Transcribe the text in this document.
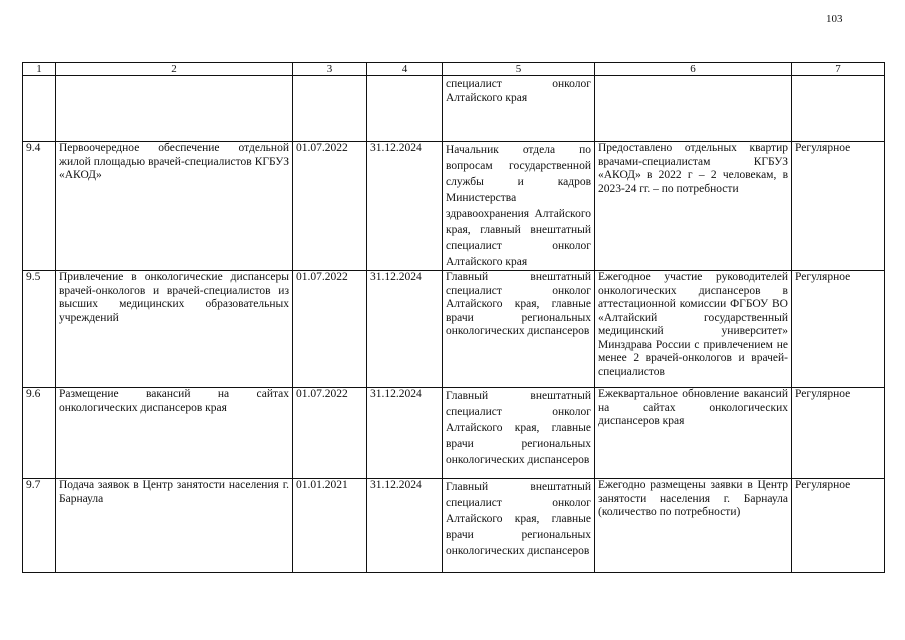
103
1	2	3	4	5	6	7
				специалист онколог Алтайского края		
9.4	Первоочередное обеспечение отдельной жилой площадью врачей-специалистов КГБУЗ «АКОД»	01.07.2022	31.12.2024	Начальник отдела по вопросам государственной службы и кадров Министерства здравоохранения Алтайского края, главный внештатный специалист онколог Алтайского края	Предоставлено отдельных квартир врачами-специалистам КГБУЗ «АКОД» в 2022 г – 2 человекам, в 2023-24 гг. – по потребности	Регулярное
9.5	Привлечение в онкологические диспансеры врачей-онкологов и врачей-специалистов из высших медицинских образовательных учреждений	01.07.2022	31.12.2024	Главный внештатный специалист онколог Алтайского края, главные врачи региональных онкологических диспансеров	Ежегодное участие руководителей онкологических диспансеров в аттестационной комиссии ФГБОУ ВО «Алтайский государственный медицинский университет» Минздрава России с привлечением не менее 2 врачей-онкологов и врачей-специалистов	Регулярное
9.6	Размещение вакансий на сайтах онкологических диспансеров края	01.07.2022	31.12.2024	Главный внештатный специалист онколог Алтайского края, главные врачи региональных онкологических диспансеров	Ежеквартальное обновление вакансий на сайтах онкологических диспансеров края	Регулярное
9.7	Подача заявок в Центр занятости населения г. Барнаула	01.01.2021	31.12.2024	Главный внештатный специалист онколог Алтайского края, главные врачи региональных онкологических диспансеров	Ежегодно размещены заявки в Центр занятости населения г. Барнаула (количество по потребности)	Регулярное
